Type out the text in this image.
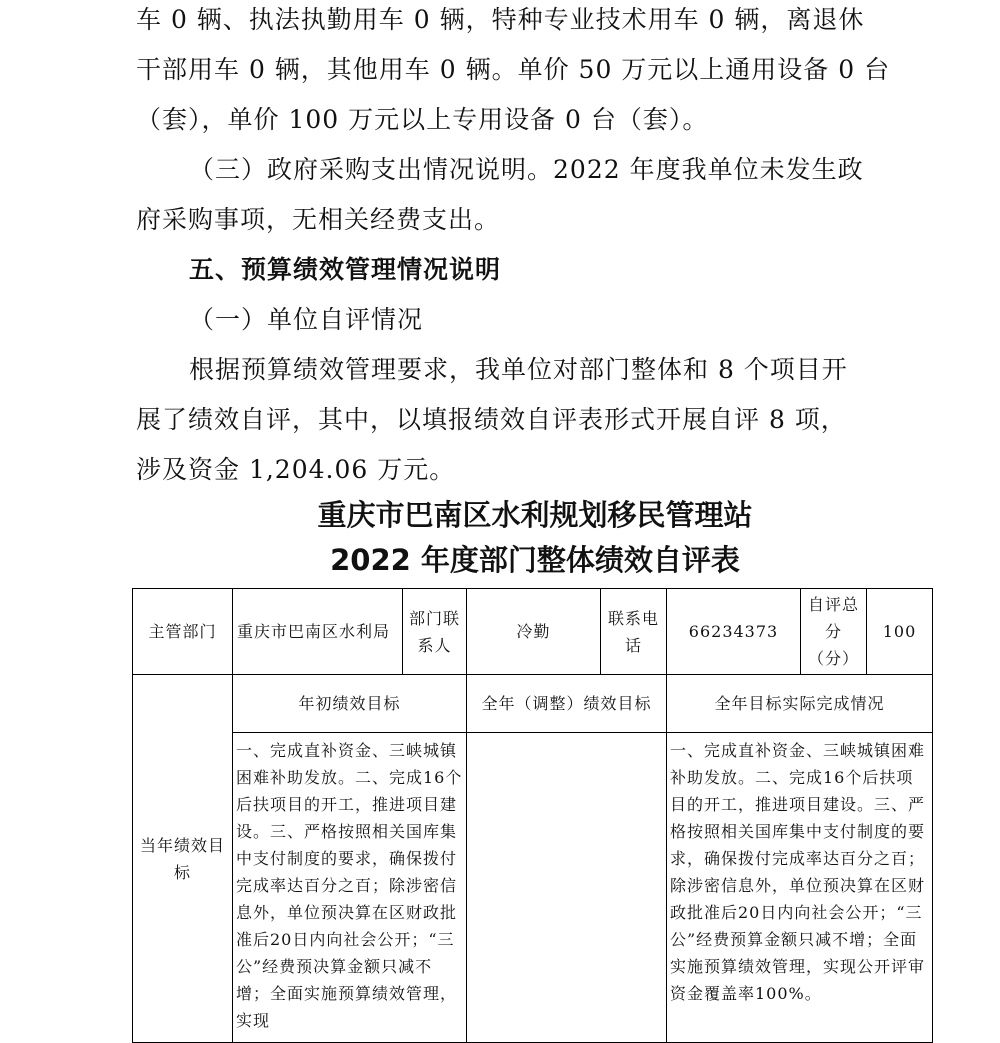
车 0 辆、执法执勤用车 0 辆，特种专业技术用车 0 辆，离退休
干部用车 0 辆，其他用车 0 辆。单价 50 万元以上通用设备 0 台
（套），单价 100 万元以上专用设备 0 台（套）。
（三）政府采购支出情况说明。2022 年度我单位未发生政
府采购事项，无相关经费支出。
五、预算绩效管理情况说明
（一）单位自评情况
根据预算绩效管理要求，我单位对部门整体和 8 个项目开
展了绩效自评，其中，以填报绩效自评表形式开展自评 8 项，
涉及资金 1,204.06 万元。
重庆市巴南区水利规划移民管理站
2022 年度部门整体绩效自评表
主管部门	重庆市巴南区水利局	部门联系人	冷勤	联系电话	66234373	自评总分（分）	100
当年绩效目标	年初绩效目标		全年（调整）绩效目标		全年目标实际完成情况		
	一、完成直补资金、三峡城镇困难补助发放。二、完成16个后扶项目的开工，推进项目建设。三、严格按照相关国库集中支付制度的要求，确保拨付完成率达百分之百；除涉密信息外，单位预决算在区财政批准后20日内向社会公开；“三公”经费预决算金额只减不增；全面实施预算绩效管理，实现				一、完成直补资金、三峡城镇困难补助发放。二、完成16个后扶项目的开工，推进项目建设。三、严格按照相关国库集中支付制度的要求，确保拨付完成率达百分之百；除涉密信息外，单位预决算在区财政批准后20日内向社会公开；“三公”经费预算金额只减不增；全面实施预算绩效管理，实现公开评审资金覆盖率100%。		
